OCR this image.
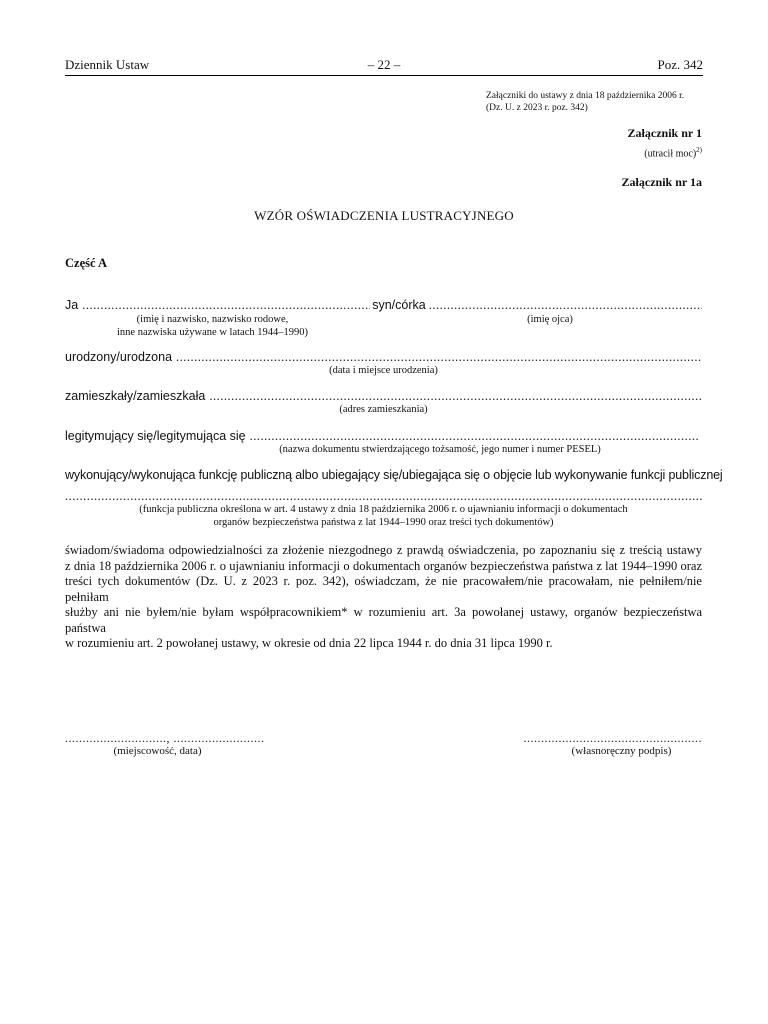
Dziennik Ustaw	– 22 –	Poz. 342
Załączniki do ustawy z dnia 18 października 2006 r.
(Dz. U. z 2023 r. poz. 342)
Załącznik nr 1
(utracił moc)$^{2)}$
Załącznik nr 1a
WZÓR OŚWIADCZENIA LUSTRACYJNEGO
Część A
Ja
.....	syn/córka
.....
(imię i nazwisko, nazwisko rodowe,
inne nazwiska używane w latach 1944–1990)
(imię ojca)
urodzony/urodzona
.....
(data i miejsce urodzenia)
zamieszkały/zamieszkała
.....
(adres zamieszkania)
legitymujący się/legitymująca się
.....
(nazwa dokumentu stwierdzającego tożsamość, jego numer i numer PESEL)
wykonujący/wykonująca funkcję publiczną albo ubiegający się/ubiegająca się o objęcie lub wykonywanie funkcji publicznej
.....
(funkcja publiczna określona w art. 4 ustawy z dnia 18 października 2006 r. o ujawnianiu informacji o dokumentach
organów bezpieczeństwa państwa z lat 1944–1990 oraz treści tych dokumentów)
świadom/świadoma odpowiedzialności za złożenie niezgodnego z prawdą oświadczenia, po zapoznaniu się z treścią ustawy
z dnia 18 października 2006 r. o ujawnianiu informacji o dokumentach organów bezpieczeństwa państwa z lat 1944–1990 oraz
treści tych dokumentów (Dz. U. z 2023 r. poz. 342), oświadczam, że nie pracowałem/nie pracowałam, nie pełniłem/nie pełniłam
służby ani nie byłem/nie byłam współpracownikiem* w rozumieniu art. 3a powołanej ustawy, organów bezpieczeństwa państwa
w rozumieniu art. 2 powołanej ustawy, w okresie od dnia 22 lipca 1944 r. do dnia 31 lipca 1990 r.
............................., ..........................
(miejscowość, data)
...................................................
(własnoręczny podpis)
